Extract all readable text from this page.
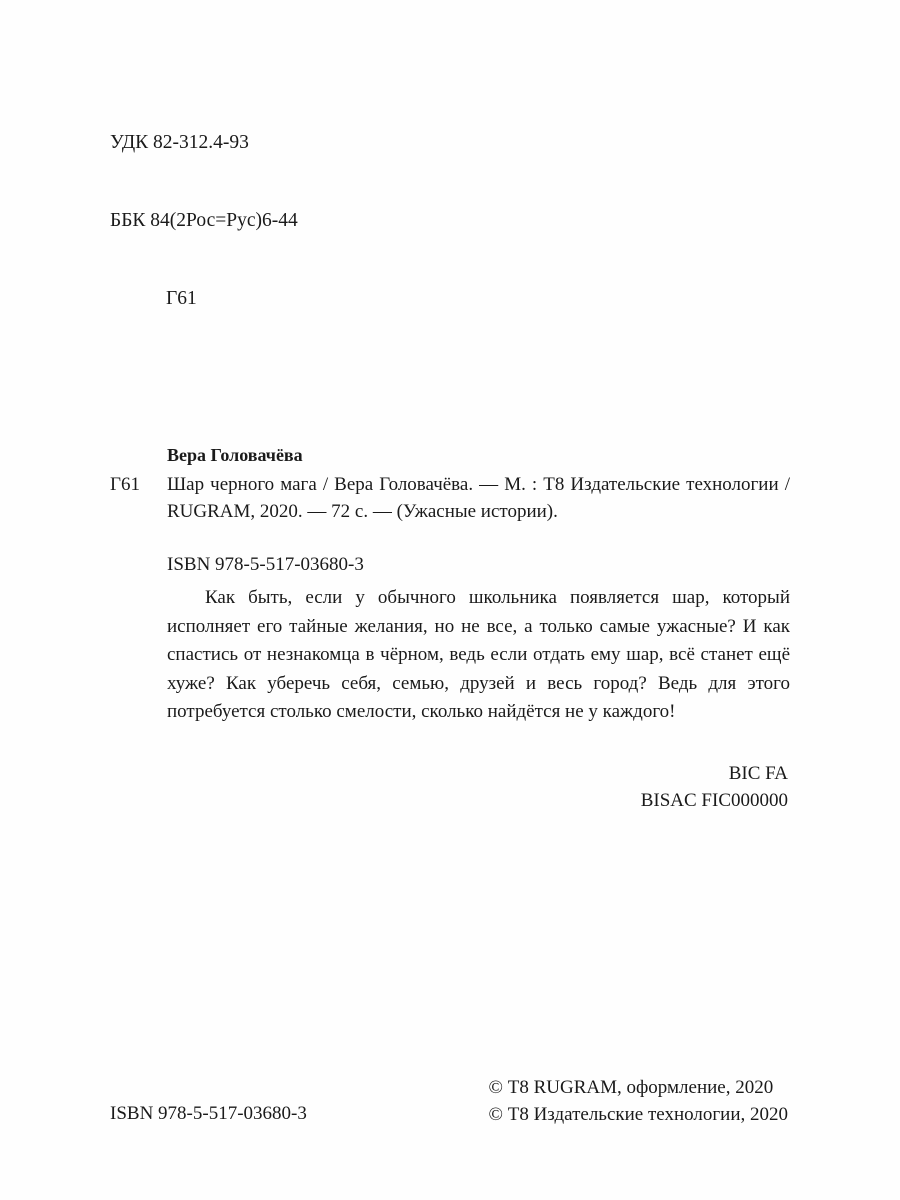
УДК 82-312.4-93

ББК 84(2Рос=Рус)6-44

Г61

Вера Головачёва

Г61 Шар черного мага / Вера Головачёва. — М. : Т8 Издательские технологии / RUGRAM, 2020. — 72 с. — (Ужасные истории).

ISBN 978-5-517-03680-3

Как быть, если у обычного школьника появляется шар, который исполняет его тайные желания, но не все, а только самые ужасные? И как спастись от незнакомца в чёрном, ведь если отдать ему шар, всё станет ещё хуже? Как уберечь себя, семью, друзей и весь город? Ведь для этого потребуется столько смелости, сколько найдётся не у каждого!

BIC FA
BISAC FIC000000
ISBN 978-5-517-03680-3
© Т8 RUGRAM, оформление, 2020
© Т8 Издательские технологии, 2020
